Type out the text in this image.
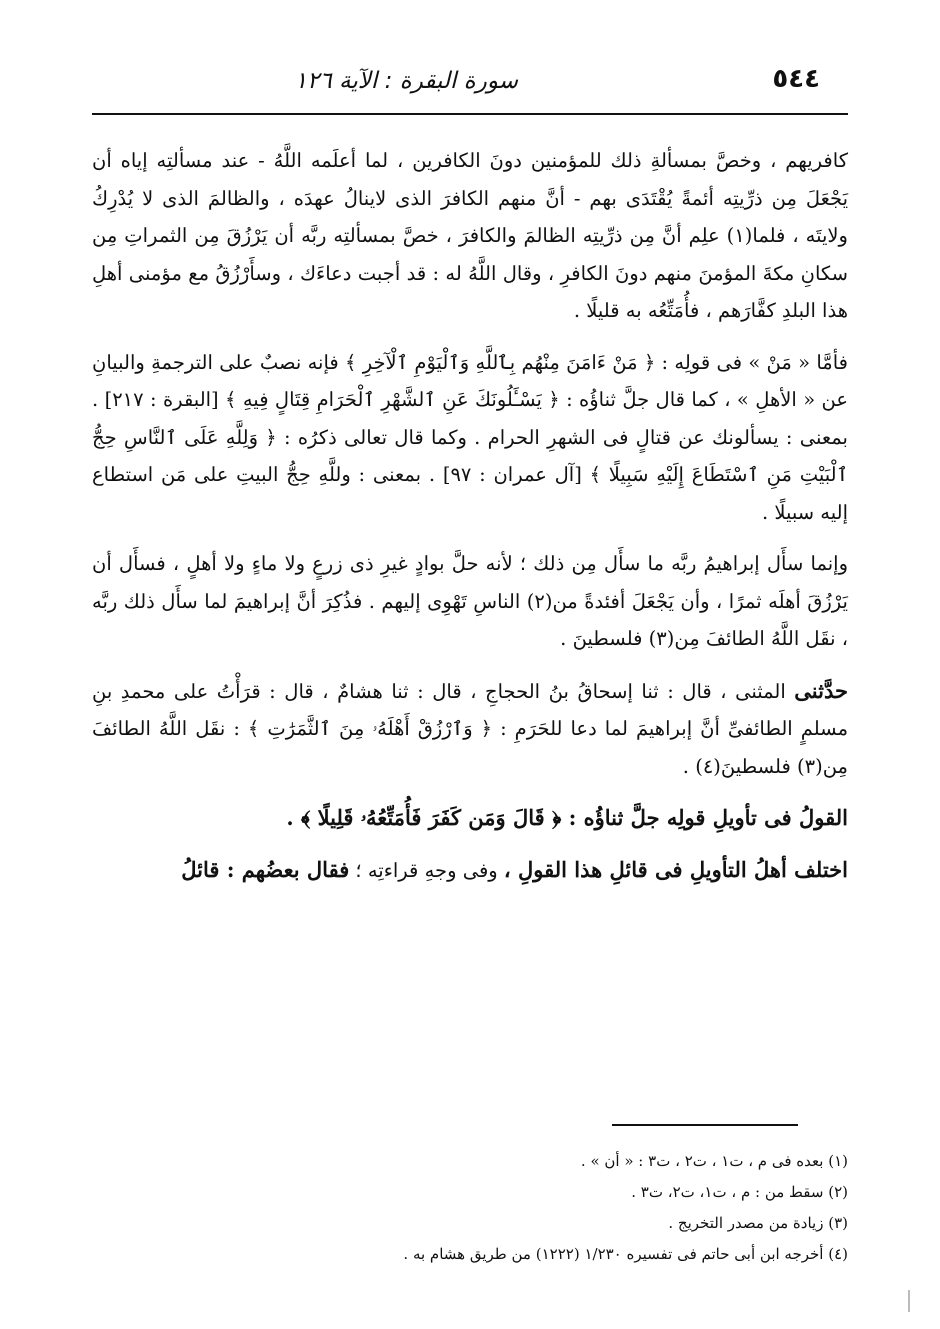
٥٤٤
سورة البقرة : الآية ١٢٦

كافريهم ، وخصَّ بمسألةِ ذلك للمؤمنين دونَ الكافرين ، لما أعلَمه اللَّهُ - عند مسألتِه إياه أن يَجْعَلَ مِن ذرِّيتِه أئمةً يُقْتَدَى بهم - أنَّ منهم الكافرَ الذى لاينالُ عهدَه ، والظالمَ الذى لا يُدْرِكُ ولايتَه ، فلما(١) علِم أنَّ مِن ذرِّيتِه الظالمَ والكافرَ ، خصَّ بمسألتِه ربَّه أن يَرْزُقَ مِن الثمراتِ مِن سكانِ مكةَ المؤمنَ منهم دونَ الكافرِ ، وقال اللَّهُ له : قد أجبت دعاءَك ، وسأَرْزُقُ مع مؤمنى أهلِ هذا البلدِ كفَّارَهم ، فأُمَتِّعُه به قليلًا .

فأمَّا « مَنْ » فى قولِه : ﴿ مَنْ ءَامَنَ مِنْهُم بِٱللَّهِ وَٱلْيَوْمِ ٱلْآخِرِ ﴾ فإنه نصبٌ على الترجمةِ والبيانِ عن « الأهلِ » ، كما قال جلَّ ثناؤُه : ﴿ يَسْـَٔلُونَكَ عَنِ ٱلشَّهْرِ ٱلْحَرَامِ قِتَالٍ فِيهِ ﴾ [البقرة : ٢١٧] . بمعنى : يسألونك عن قتالٍ فى الشهرِ الحرام . وكما قال تعالى ذكرُه : ﴿ وَلِلَّهِ عَلَى ٱلنَّاسِ حِجُّ ٱلْبَيْتِ مَنِ ٱسْتَطَاعَ إِلَيْهِ سَبِيلًا ﴾ [آل عمران : ٩٧] . بمعنى : وللَّهِ حِجُّ البيتِ على مَن استطاع إليه سبيلًا .

وإنما سأَل إبراهيمُ ربَّه ما سأَل مِن ذلك ؛ لأنه حلَّ بوادٍ غيرِ ذى زرعٍ ولا ماءٍ ولا أهلٍ ، فسأَل أن يَرْزُقَ أهلَه ثمرًا ، وأن يَجْعَلَ أفئدةً من(٢) الناسِ تَهْوِى إليهم . فذُكِرَ أنَّ إبراهيمَ لما سأَل ذلك ربَّه ، نقَل اللَّهُ الطائفَ مِن(٣) فلسطينَ .

حدَّثنى المثنى ، قال : ثنا إسحاقُ بنُ الحجاجِ ، قال : ثنا هشامٌ ، قال : قرَأْتُ على محمدِ بنِ مسلمٍ الطائفىِّ أنَّ إبراهيمَ لما دعا للحَرَمِ : ﴿ وَٱرْزُقْ أَهْلَهُۥ مِنَ ٱلثَّمَرَٰتِ ﴾ : نقَل اللَّهُ الطائفَ مِن(٣) فلسطينَ(٤) .

القولُ فى تأويلِ قولِه جلَّ ثناؤُه : ﴿ قَالَ وَمَن كَفَرَ فَأُمَتِّعُهُۥ قَلِيلًا ﴾ .

اختلف أهلُ التأويلِ فى قائلِ هذا القولِ ، وفى وجهِ قراءتِه ؛ فقال بعضُهم : قائلُ

(١) بعده فى م ، ت١ ، ت٢ ، ت٣ : « أن » .

(٢) سقط من : م ، ت١، ت٢، ت٣ .

(٣) زيادة من مصدر التخريج .

(٤) أخرجه ابن أبى حاتم فى تفسيره ١/٢٣٠ (١٢٢٢) من طريق هشام به .
